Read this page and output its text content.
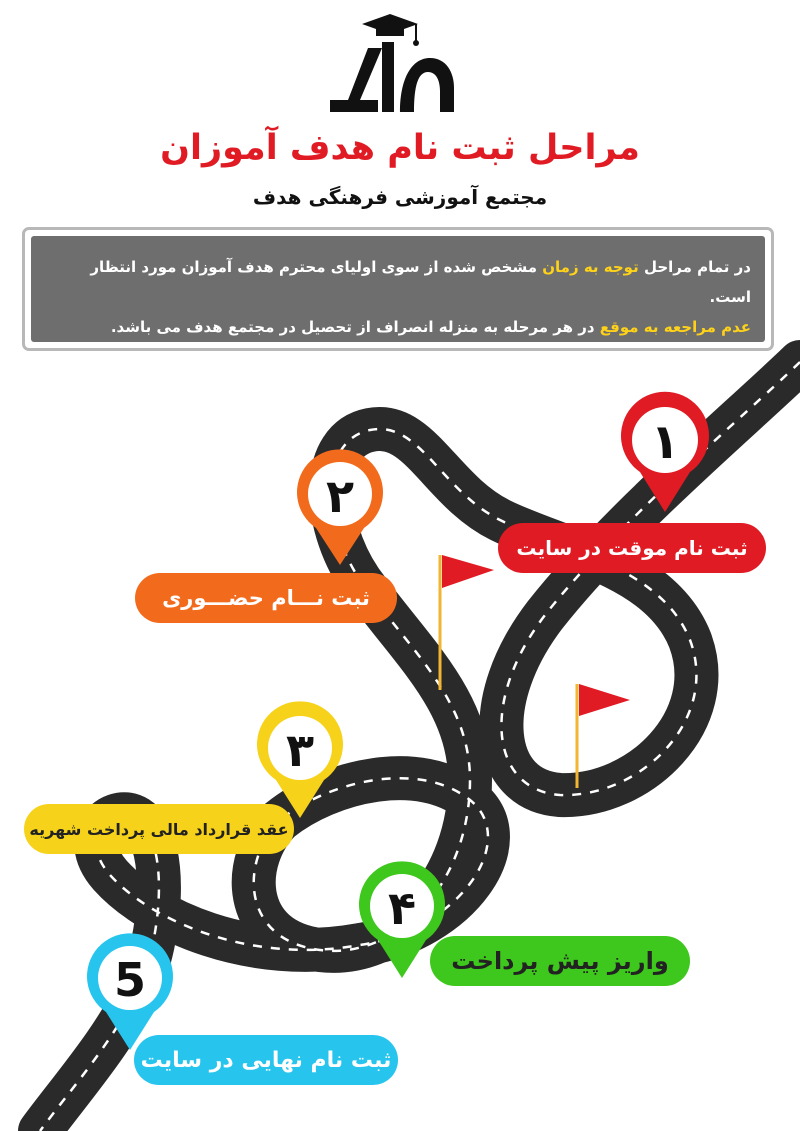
مراحل ثبت نام هدف آموزان
مجتمع آموزشی فرهنگی هدف
در تمام مراحل توجه به زمان مشخص شده از سوی اولیای محترم هدف آموزان مورد انتظار است.
عدم مراجعه به موقع در هر مرحله به منزله انصراف از تحصیل در مجتمع هدف می باشد.
۱
۲
۳
۴
5
ثبت نام موقت در سایت
ثبت نـــام حضـــوری
عقد قرارداد مالی پرداخت شهریه
واریز پیش پرداخت
ثبت نام نهایی در سایت
